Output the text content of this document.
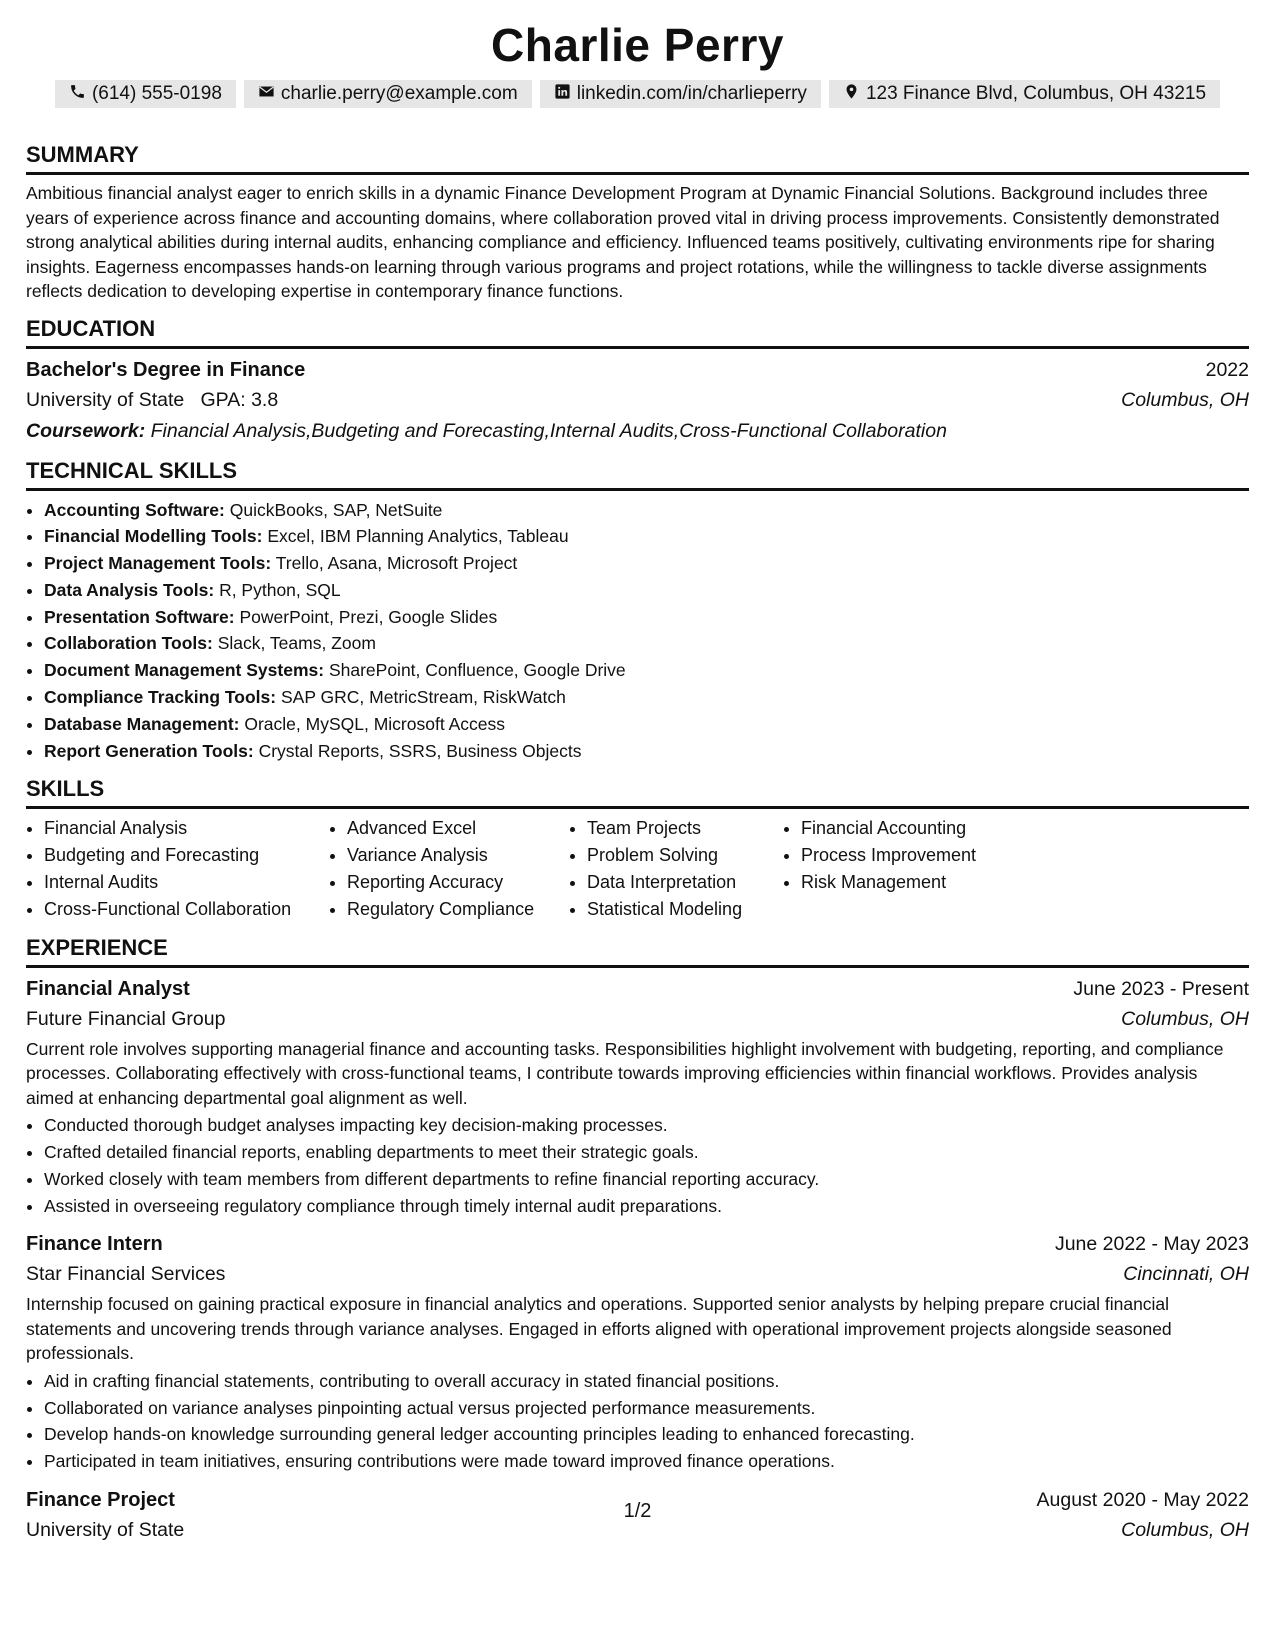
Charlie Perry
(614) 555-0198	charlie.perry@example.com	linkedin.com/in/charlieperry	123 Finance Blvd, Columbus, OH 43215
SUMMARY

Ambitious financial analyst eager to enrich skills in a dynamic Finance Development Program at Dynamic Financial Solutions. Background includes three years of experience across finance and accounting domains, where collaboration proved vital in driving process improvements. Consistently demonstrated strong analytical abilities during internal audits, enhancing compliance and efficiency. Influenced teams positively, cultivating environments ripe for sharing insights. Eagerness encompasses hands-on learning through various programs and project rotations, while the willingness to tackle diverse assignments reflects dedication to developing expertise in contemporary finance functions.

EDUCATION
Bachelor's Degree in Finance	2022
University of State GPA: 3.8	Columbus, OH
Coursework: Financial Analysis,Budgeting and Forecasting,Internal Audits,Cross-Functional Collaboration
TECHNICAL SKILLS
• Accounting Software: QuickBooks, SAP, NetSuite
• Financial Modelling Tools: Excel, IBM Planning Analytics, Tableau
• Project Management Tools: Trello, Asana, Microsoft Project
• Data Analysis Tools: R, Python, SQL
• Presentation Software: PowerPoint, Prezi, Google Slides
• Collaboration Tools: Slack, Teams, Zoom
• Document Management Systems: SharePoint, Confluence, Google Drive
• Compliance Tracking Tools: SAP GRC, MetricStream, RiskWatch
• Database Management: Oracle, MySQL, Microsoft Access
• Report Generation Tools: Crystal Reports, SSRS, Business Objects
SKILLS
• Financial Analysis
• Budgeting and Forecasting
• Internal Audits
• Cross-Functional Collaboration
• Advanced Excel
• Variance Analysis
• Reporting Accuracy
• Regulatory Compliance
• Team Projects
• Problem Solving
• Data Interpretation
• Statistical Modeling
• Financial Accounting
• Process Improvement
• Risk Management
EXPERIENCE
Financial Analyst	June 2023 - Present
Future Financial Group	Columbus, OH

Current role involves supporting managerial finance and accounting tasks. Responsibilities highlight involvement with budgeting, reporting, and compliance processes. Collaborating effectively with cross-functional teams, I contribute towards improving efficiencies within financial workflows. Provides analysis aimed at enhancing departmental goal alignment as well.

• Conducted thorough budget analyses impacting key decision-making processes.
• Crafted detailed financial reports, enabling departments to meet their strategic goals.
• Worked closely with team members from different departments to refine financial reporting accuracy.
• Assisted in overseeing regulatory compliance through timely internal audit preparations.
Finance Intern	June 2022 - May 2023
Star Financial Services	Cincinnati, OH

Internship focused on gaining practical exposure in financial analytics and operations. Supported senior analysts by helping prepare crucial financial statements and uncovering trends through variance analyses. Engaged in efforts aligned with operational improvement projects alongside seasoned professionals.

• Aid in crafting financial statements, contributing to overall accuracy in stated financial positions.
• Collaborated on variance analyses pinpointing actual versus projected performance measurements.
• Develop hands-on knowledge surrounding general ledger accounting principles leading to enhanced forecasting.
• Participated in team initiatives, ensuring contributions were made toward improved finance operations.
Finance Project	August 2020 - May 2022
University of State	Columbus, OH
1/2
